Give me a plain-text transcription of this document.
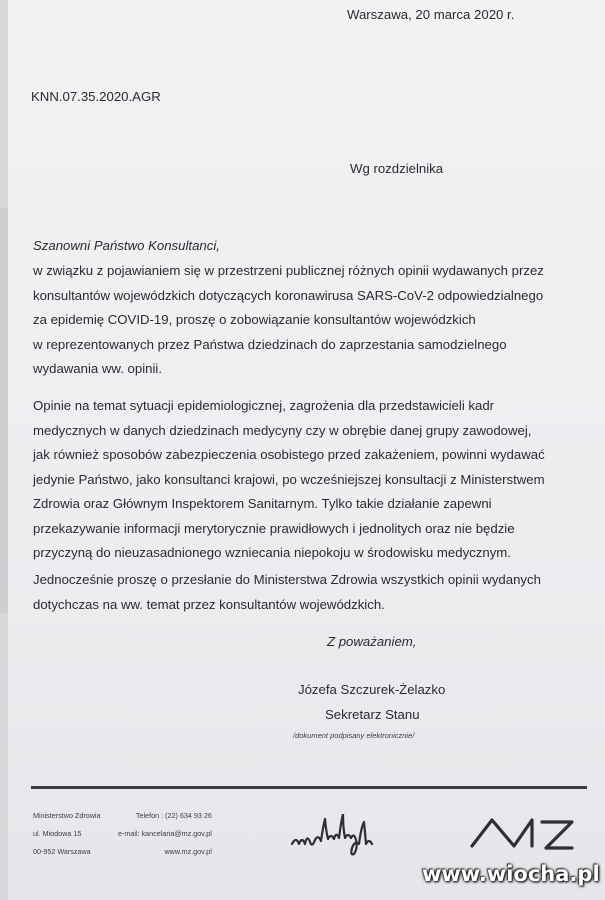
Warszawa, 20 marca 2020 r.
KNN.07.35.2020.AGR
Wg rozdzielnika
Szanowni Państwo Konsultanci,
w związku z pojawianiem się w przestrzeni publicznej różnych opinii wydawanych przez
konsultantów wojewódzkich dotyczących koronawirusa SARS-CoV-2 odpowiedzialnego
za epidemię COVID-19, proszę o zobowiązanie konsultantów wojewódzkich
w reprezentowanych przez Państwa dziedzinach do zaprzestania samodzielnego
wydawania ww. opinii.
Opinie na temat sytuacji epidemiologicznej, zagrożenia dla przedstawicieli kadr
medycznych w danych dziedzinach medycyny czy w obrębie danej grupy zawodowej,
jak również sposobów zabezpieczenia osobistego przed zakażeniem, powinni wydawać
jedynie Państwo, jako konsultanci krajowi, po wcześniejszej konsultacji z Ministerstwem
Zdrowia oraz Głównym Inspektorem Sanitarnym. Tylko takie działanie zapewni
przekazywanie informacji merytorycznie prawidłowych i jednolitych oraz nie będzie
przyczyną do nieuzasadnionego wzniecania niepokoju w środowisku medycznym.
Jednocześnie proszę o przesłanie do Ministerstwa Zdrowia wszystkich opinii wydanych
dotychczas na ww. temat przez konsultantów wojewódzkich.
Z poważaniem,
Józefa Szczurek-Żelazko
Sekretarz Stanu
/dokument podpisany elektronicznie/
Ministerstwo Zdrowia
ul. Miodowa 15
00-952 Warszawa
Telefon : (22) 634 93 26
e-mail: kancelaria@mz.gov.pl
www.mz.gov.pl
www.wiocha.pl
